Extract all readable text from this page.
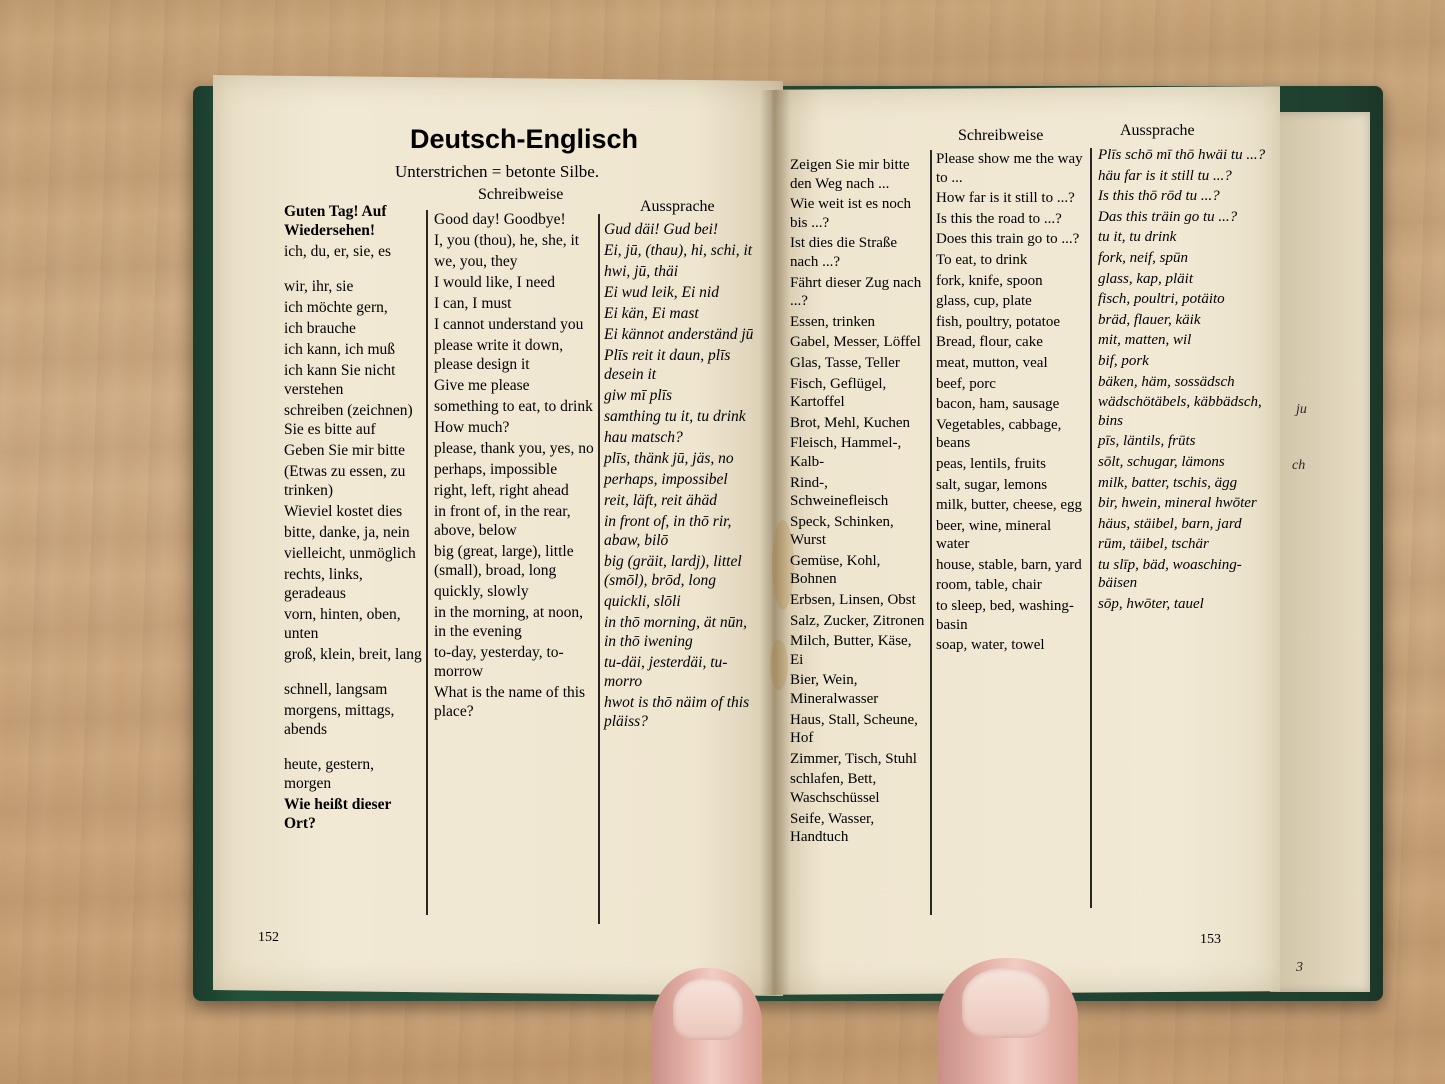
ju
ch
3
Deutsch-Englisch
Unterstrichen = betonte Silbe.
Schreibweise
Aussprache
Guten Tag! Auf Wiedersehen!
ich, du, er, sie, es
wir, ihr, sie
ich möchte gern,
ich brauche
ich kann, ich muß
ich kann Sie nicht verstehen
schreiben (zeichnen) Sie es bitte auf
Geben Sie mir bitte
(Etwas zu essen, zu trinken)
Wieviel kostet dies
bitte, danke, ja, nein
vielleicht, unmöglich
rechts, links, geradeaus
vorn, hinten, oben, unten
groß, klein, breit, lang
schnell, langsam
morgens, mittags, abends
heute, gestern, morgen
Wie heißt dieser Ort?
Good day! Goodbye!
I, you (thou), he, she, it
we, you, they
I would like, I need
I can, I must
I cannot understand you
please write it down, please design it
Give me please
something to eat, to drink
How much?
please, thank you, yes, no
perhaps, impossible
right, left, right ahead
in front of, in the rear, above, below
big (great, large), little (small), broad, long
quickly, slowly
in the morning, at noon, in the evening
to-day, yesterday, to-morrow
What is the name of this place?
Gud däi! Gud bei!
Ei, jū, (thau), hi, schi, it
hwi, jū, thäi
Ei wud leik, Ei nid
Ei kän, Ei mast
Ei kännot anderständ jū
Plīs reit it daun, plīs desein it
giw mī plīs
samthing tu it, tu drink
hau matsch?
plīs, thänk jū, jäs, no
perhaps, impossibel
reit, läft, reit ähäd
in front of, in thō rir, abaw, bilō
big (gräit, lardj), littel (smōl), brōd, long
quickli, slōli
in thō morning, ät nūn, in thō iwening
tu-däi, jesterdäi, tu-morro
hwot is thō näim of this pläiss?
152
Schreibweise	Aussprache
Zeigen Sie mir bitte den Weg nach ...
Wie weit ist es noch bis ...?
Ist dies die Straße nach ...?
Fährt dieser Zug nach ...?
Essen, trinken
Gabel, Messer, Löffel
Glas, Tasse, Teller
Fisch, Geflügel, Kartoffel
Brot, Mehl, Kuchen
Fleisch, Hammel-, Kalb-
Rind-, Schweinefleisch
Speck, Schinken, Wurst
Gemüse, Kohl, Bohnen
Erbsen, Linsen, Obst
Salz, Zucker, Zitronen
Milch, Butter, Käse, Ei
Bier, Wein, Mineralwasser
Haus, Stall, Scheune, Hof
Zimmer, Tisch, Stuhl
schlafen, Bett, Waschschüssel
Seife, Wasser, Handtuch
Please show me the way to ...
How far is it still to ...?
Is this the road to ...?
Does this train go to ...?
To eat, to drink
fork, knife, spoon
glass, cup, plate
fish, poultry, potatoe
Bread, flour, cake
meat, mutton, veal
beef, porc
bacon, ham, sausage
Vegetables, cabbage, beans
peas, lentils, fruits
salt, sugar, lemons
milk, butter, cheese, egg
beer, wine, mineral water
house, stable, barn, yard
room, table, chair
to sleep, bed, washing-basin
soap, water, towel
Plīs schō mī thō hwäi tu ...?
häu far is it still tu ...?
Is this thō rōd tu ...?
Das this träin go tu ...?
tu it, tu drink
fork, neif, spūn
glass, kap, pläit
fisch, poultri, potäito
bräd, flauer, käik
mit, matten, wil
bif, pork
bäken, häm, sossädsch
wädschötäbels, käbbädsch, bins
pīs, läntils, frūts
sōlt, schugar, lämons
milk, batter, tschis, ägg
bir, hwein, mineral hwōter
häus, stäibel, barn, jard
rūm, täibel, tschär
tu slīp, bäd, woasching-bäisen
sōp, hwōter, tauel
153
